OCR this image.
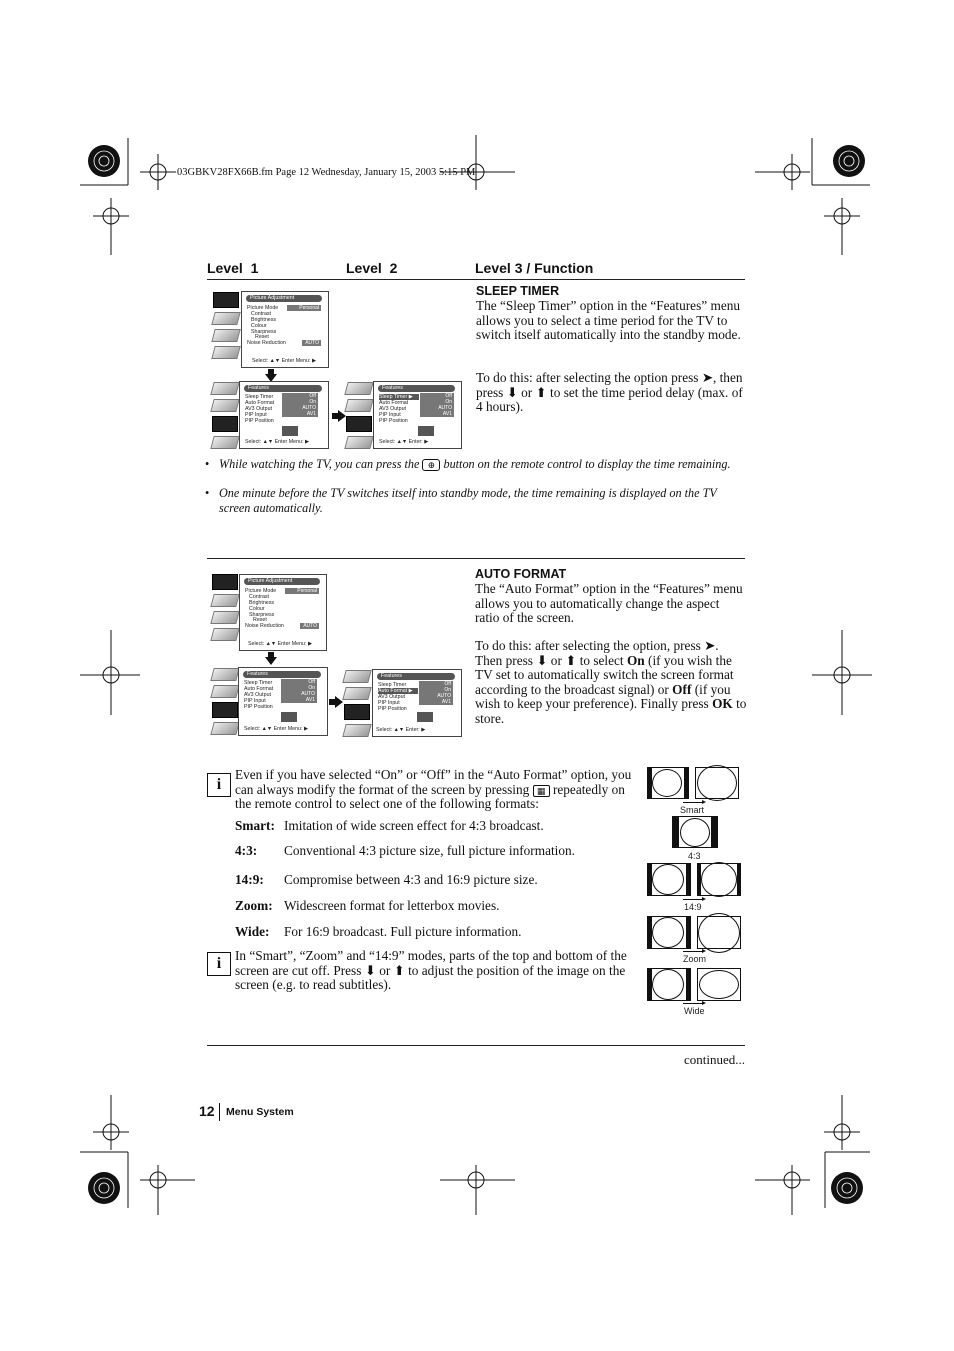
03GBKV28FX66B.fm Page 12 Wednesday, January 15, 2003 5:15 PM
Level  1	Level  2	Level 3 / Function
Picture Adjustment
Picture Mode	Personal
Contrast
Brightness
Colour
Sharpness
Reset
Noise Reduction	AUTO
Select: ▲▼ Enter Menu: ▶
Features
Sleep Timer
Auto Format
AV3 Output
PIP Input
PIP Position
Off
On
AUTO
AV1
Select: ▲▼ Enter Menu: ▶
Features
Sleep Timer ▶
Auto Format
AV3 Output
PIP Input
PIP Position
Off
On
AUTO
AV1
Select: ▲▼ Enter: ▶
SLEEP TIMER
The “Sleep Timer” option in the “Features” menu allows you to select a time period for the TV to switch itself automatically into the standby mode.
To do this: after selecting the option press ➤, then press ⬇ or ⬆ to set the time period delay (max. of 4 hours).
• While watching the TV, you can press the ⊕ button on the remote control to display the time remaining.
• One minute before the TV switches itself into standby mode, the time remaining is displayed on the TV screen automatically.
Picture Adjustment
Picture Mode	Personal
Contrast
Brightness
Colour
Sharpness
Reset
Noise Reduction	AUTO
Select: ▲▼ Enter Menu: ▶
Features
Sleep Timer
Auto Format
AV3 Output
PIP Input
PIP Position
Off
On
AUTO
AV1
Select: ▲▼ Enter Menu: ▶
Features
Sleep Timer
Auto Format ▶
AV3 Output
PIP Input
PIP Position
Off
On
AUTO
AV1
Select: ▲▼ Enter: ▶
AUTO FORMAT
The “Auto Format” option in the “Features” menu allows you to automatically change the aspect ratio of the screen.
To do this: after selecting the option, press ➤. Then press ⬇ or ⬆ to select On (if you wish the TV set to automatically switch the screen format according to the broadcast signal) or Off (if you wish to keep your preference). Finally press OK to store.
i
Even if you have selected “On” or “Off” in the “Auto Format” option, you can always modify the format of the screen by pressing ▦ repeatedly on the remote control to select one of the following formats:
Smart: Imitation of wide screen effect for 4:3 broadcast.
4:3: Conventional 4:3 picture size, full picture information.
14:9: Compromise between 4:3 and 16:9 picture size.
Zoom: Widescreen format for letterbox movies.
Wide: For 16:9 broadcast. Full picture information.
i	In “Smart”, “Zoom” and “14:9” modes, parts of the top and bottom of the screen are cut off. Press ⬇ or ⬆ to adjust the position of the image on the screen (e.g. to read subtitles).
Smart
4:3
14:9
Zoom
Wide
continued...
12 Menu System
